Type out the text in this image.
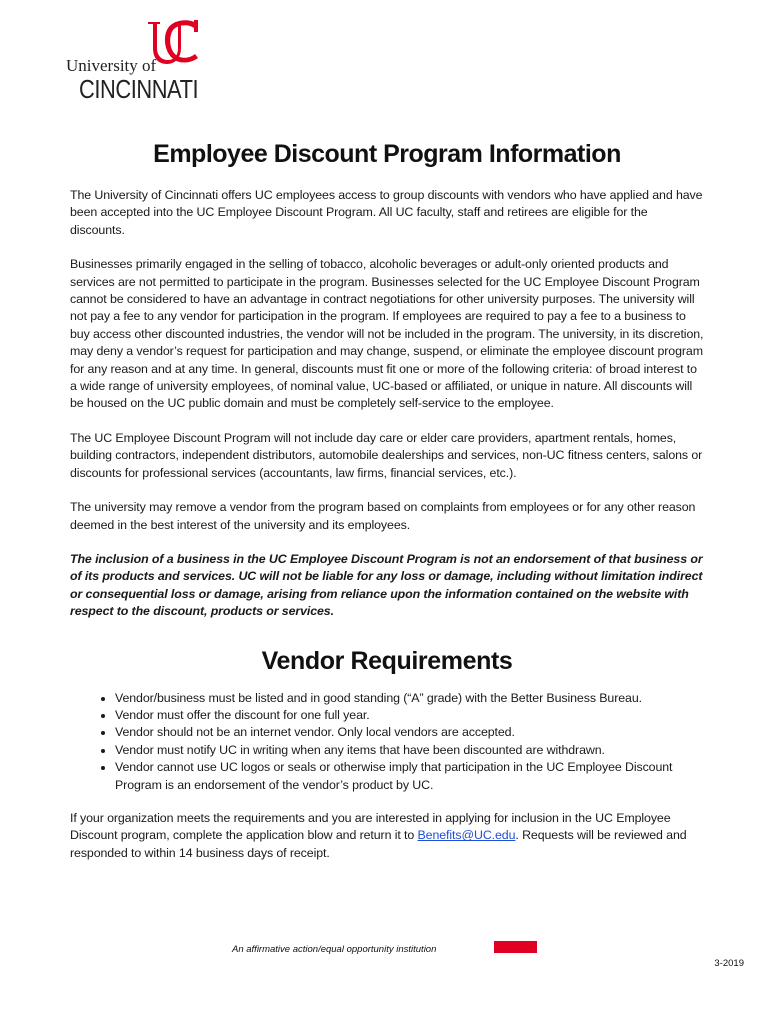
University of
CINCINNATI
Employee Discount Program Information

The University of Cincinnati offers UC employees access to group discounts with vendors who have applied and have been accepted into the UC Employee Discount Program. All UC faculty, staff and retirees are eligible for the discounts.

Businesses primarily engaged in the selling of tobacco, alcoholic beverages or adult-only oriented products and services are not permitted to participate in the program. Businesses selected for the UC Employee Discount Program cannot be considered to have an advantage in contract negotiations for other university purposes. The university will not pay a fee to any vendor for participation in the program. If employees are required to pay a fee to a business to buy access other discounted industries, the vendor will not be included in the program. The university, in its discretion, may deny a vendor’s request for participation and may change, suspend, or eliminate the employee discount program for any reason and at any time. In general, discounts must fit one or more of the following criteria: of broad interest to a wide range of university employees, of nominal value, UC-based or affiliated, or unique in nature. All discounts will be housed on the UC public domain and must be completely self-service to the employee.

The UC Employee Discount Program will not include day care or elder care providers, apartment rentals, homes, building contractors, independent distributors, automobile dealerships and services, non-UC fitness centers, salons or discounts for professional services (accountants, law firms, financial services, etc.).

The university may remove a vendor from the program based on complaints from employees or for any other reason deemed in the best interest of the university and its employees.

The inclusion of a business in the UC Employee Discount Program is not an endorsement of that business or of its products and services. UC will not be liable for any loss or damage, including without limitation indirect or consequential loss or damage, arising from reliance upon the information contained on the website with respect to the discount, products or services.

Vendor Requirements
• Vendor/business must be listed and in good standing (“A” grade) with the Better Business Bureau.
• Vendor must offer the discount for one full year.
• Vendor should not be an internet vendor. Only local vendors are accepted.
• Vendor must notify UC in writing when any items that have been discounted are withdrawn.
• Vendor cannot use UC logos or seals or otherwise imply that participation in the UC Employee Discount Program is an endorsement of the vendor’s product by UC.

If your organization meets the requirements and you are interested in applying for inclusion in the UC Employee Discount program, complete the application blow and return it to Benefits@UC.edu. Requests will be reviewed and responded to within 14 business days of receipt.

An affirmative action/equal opportunity institution
3-2019
